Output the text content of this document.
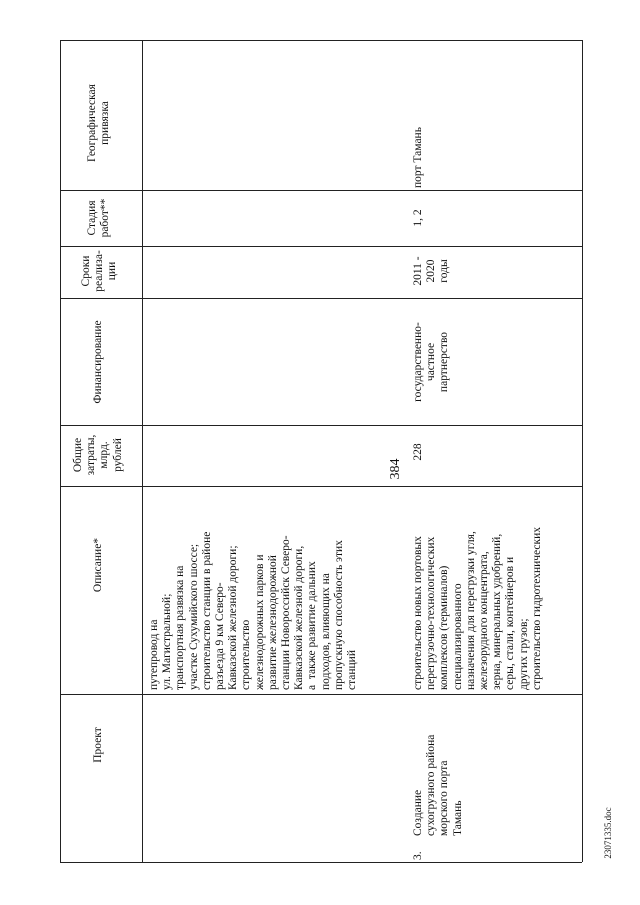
384
Проект
Описание*
Общие
затраты,
млрд.
рублей
Финансирование
Сроки
реализа-
ции
Стадия
работ**
Географическая
привязка
путепровод на
ул. Магистральной;
транспортная развязка на
участке Сухумийского шоссе;
строительство станции в районе
разъезда 9 км Северо-
Кавказской железной дороги;
строительство
железнодорожных парков и
развитие железнодорожной
станции Новороссийск Северо-
Кавказской железной дороги,
а  также развитие дальних
подходов, влияющих на
пропускную способность этих
станций
3.
Создание
сухогрузного района
морского порта
Тамань
строительство новых портовых
перегрузочно-технологических
комплексов (терминалов)
специализированного
назначения для перегрузки угля,
железорудного концентрата,
зерна, минеральных удобрений,
серы, стали, контейнеров и
других грузов;
строительство гидротехнических
228
государственно-
частное
партнерство
2011 -
2020
годы
1, 2
порт Тамань
23071335.doc
